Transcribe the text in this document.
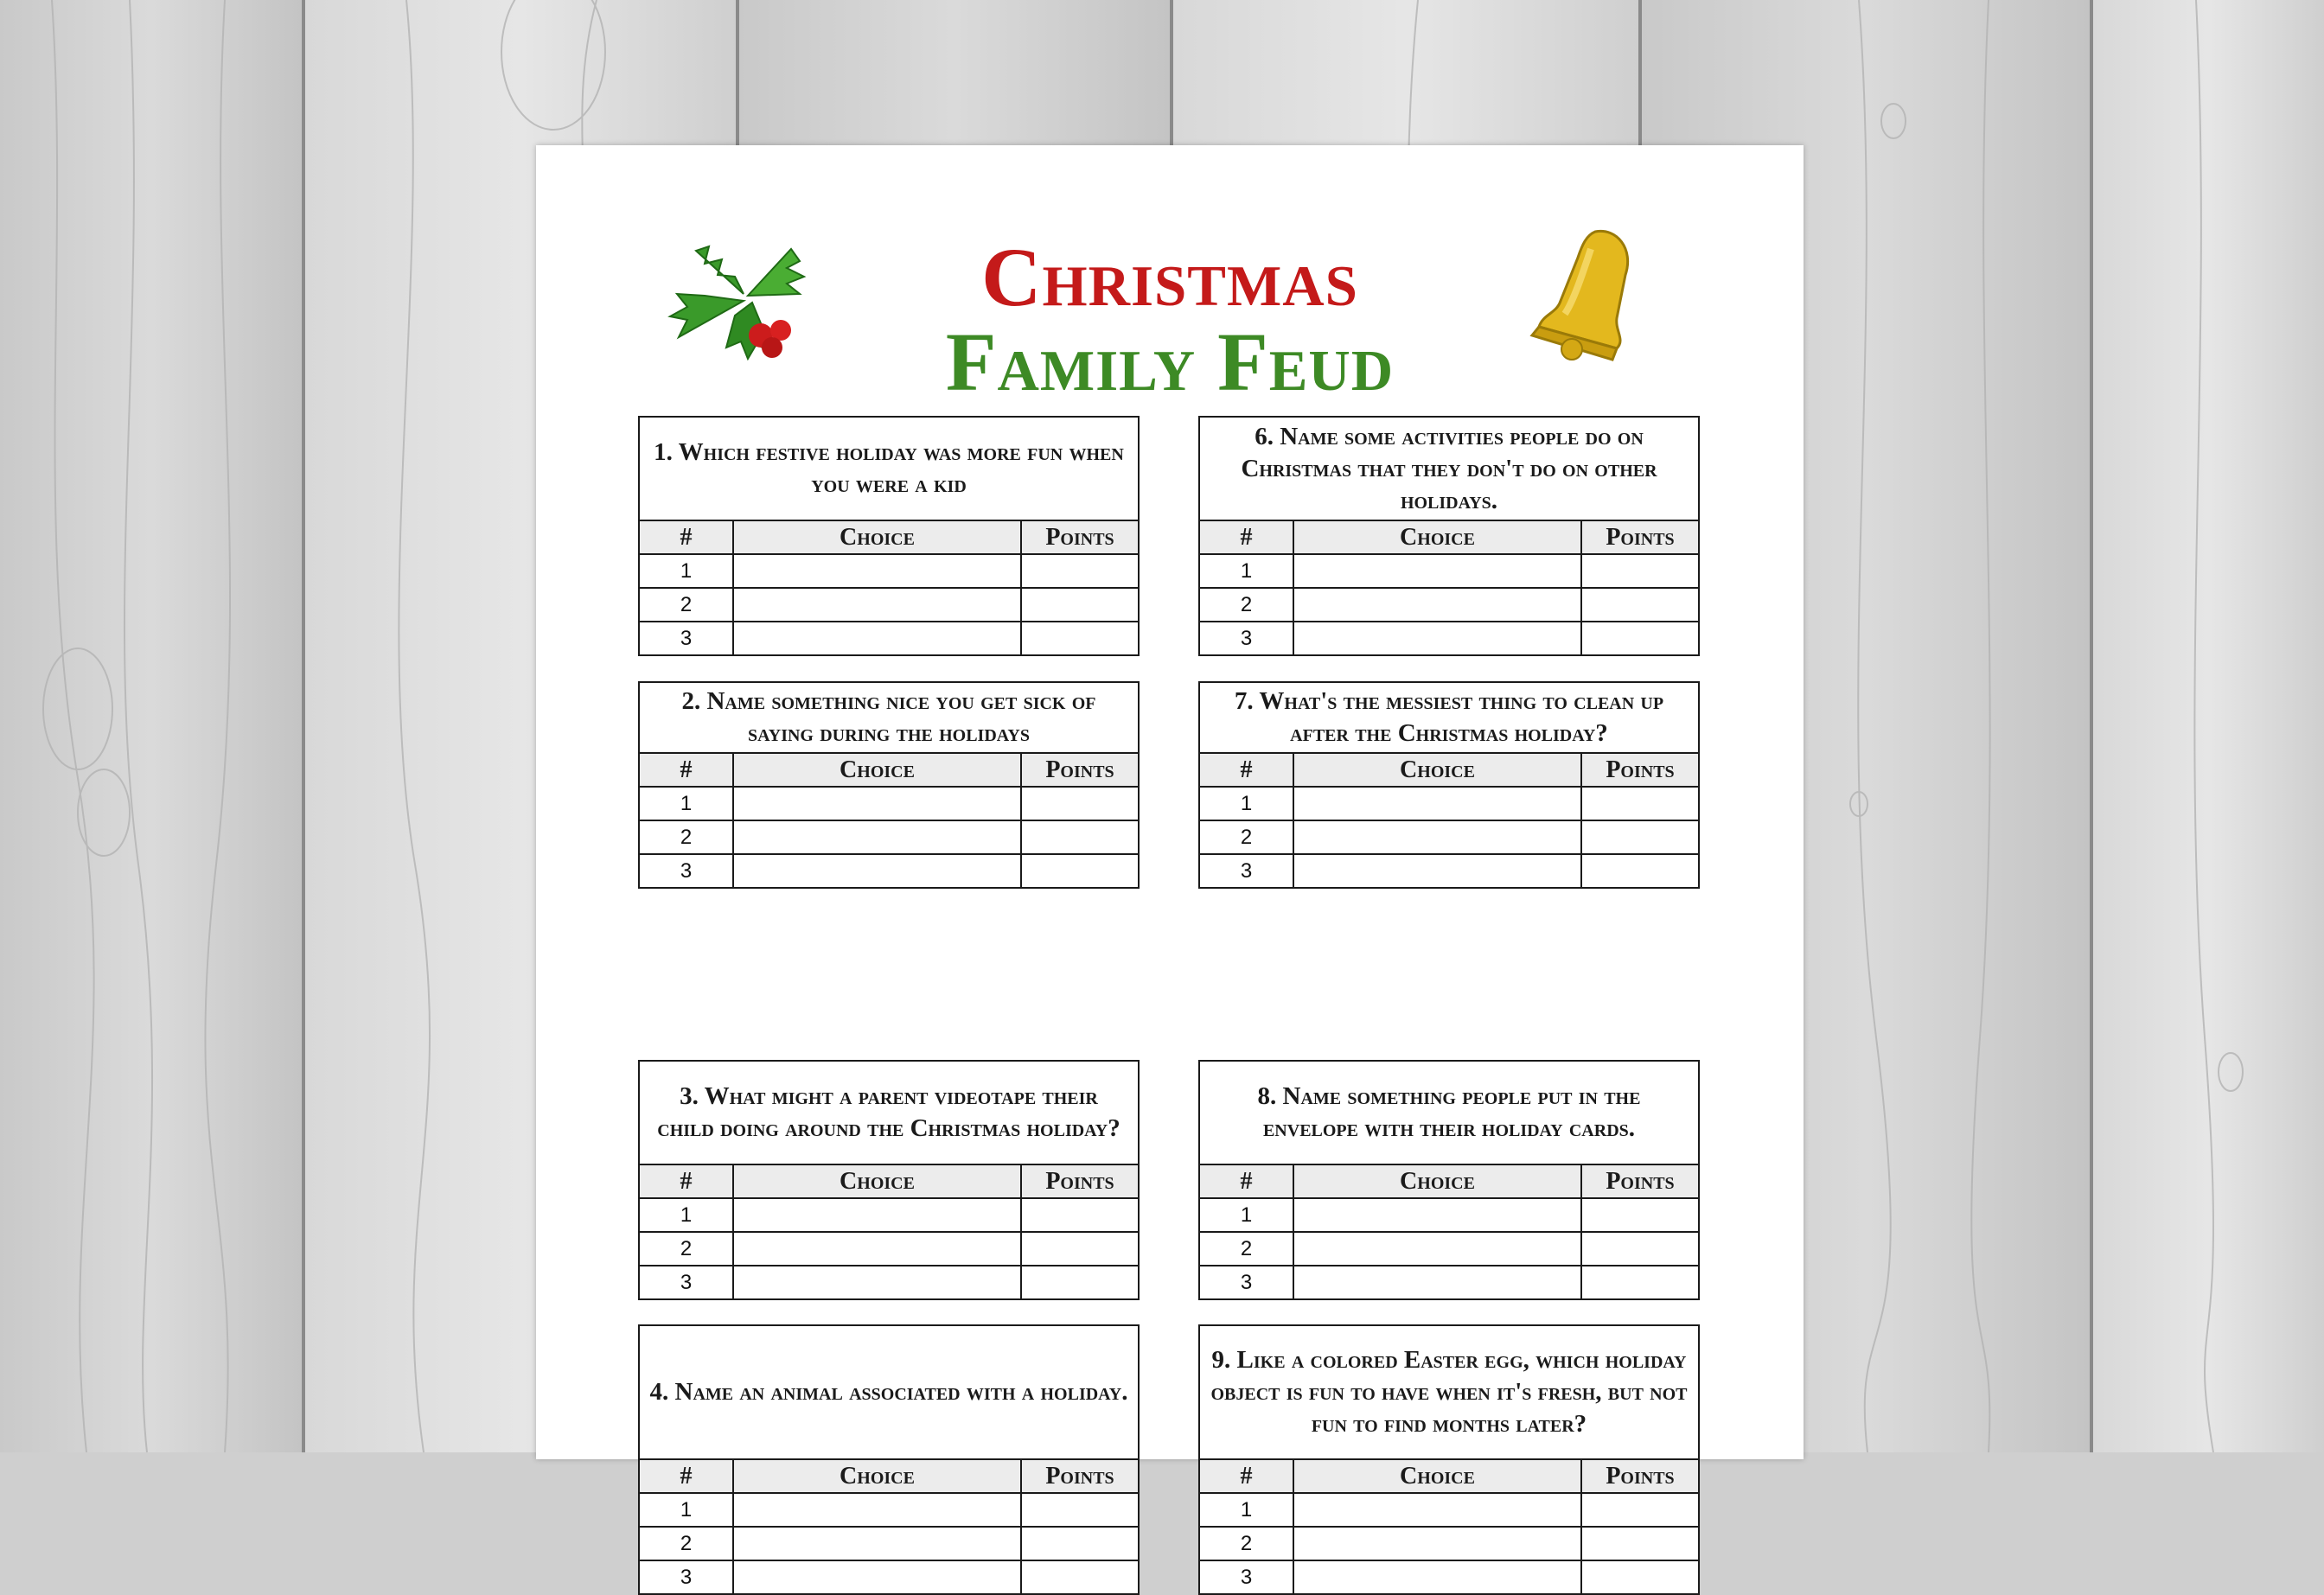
Christmas
Family Feud
1. Which festive holiday was more fun when you were a kid
#	Choice	Points
1		
2		
3		
2. Name something nice you get sick of saying during the holidays
#	Choice	Points
1		
2		
3		
3. What might a parent videotape their child doing around the Christmas holiday?
#	Choice	Points
1		
2		
3		
4. Name an animal associated with a holiday.
#	Choice	Points
1		
2		
3		
6. Name some activities people do on Christmas that they don't do on other holidays.
#	Choice	Points
1		
2		
3		
7. What's the messiest thing to clean up after the Christmas holiday?
#	Choice	Points
1		
2		
3		
8. Name something people put in the envelope with their holiday cards.
#	Choice	Points
1		
2		
3		
9. Like a colored Easter egg, which holiday object is fun to have when it's fresh, but not fun to find months later?
#	Choice	Points
1		
2		
3		
